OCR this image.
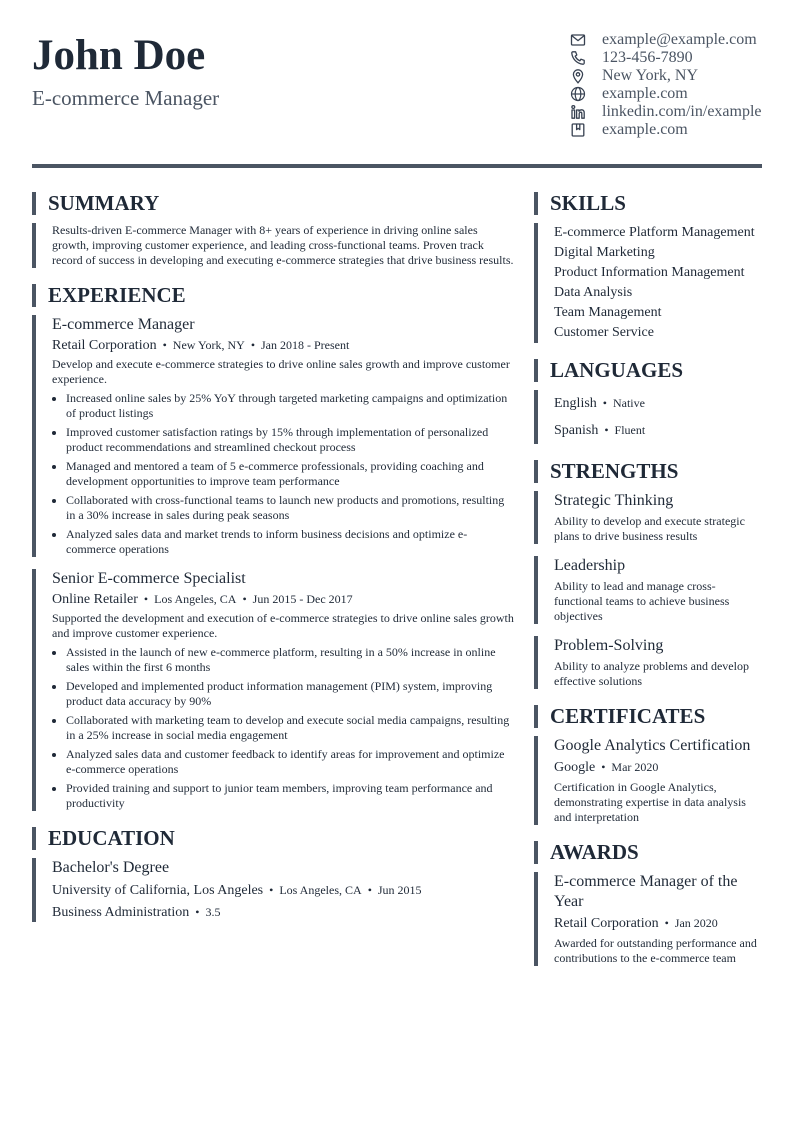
John Doe
E-commerce Manager
example@example.com
123-456-7890
New York, NY
example.com
linkedin.com/in/example
example.com
SUMMARY
Results-driven E-commerce Manager with 8+ years of experience in driving online sales growth, improving customer experience, and leading cross-functional teams. Proven track record of success in developing and executing e-commerce strategies that drive business results.
EXPERIENCE
E-commerce Manager
Retail Corporation • New York, NY • Jan 2018 - Present
Develop and execute e-commerce strategies to drive online sales growth and improve customer experience.
• Increased online sales by 25% YoY through targeted marketing campaigns and optimization of product listings
• Improved customer satisfaction ratings by 15% through implementation of personalized product recommendations and streamlined checkout process
• Managed and mentored a team of 5 e-commerce professionals, providing coaching and development opportunities to improve team performance
• Collaborated with cross-functional teams to launch new products and promotions, resulting in a 30% increase in sales during peak seasons
• Analyzed sales data and market trends to inform business decisions and optimize e-commerce operations
Senior E-commerce Specialist
Online Retailer • Los Angeles, CA • Jun 2015 - Dec 2017
Supported the development and execution of e-commerce strategies to drive online sales growth and improve customer experience.
• Assisted in the launch of new e-commerce platform, resulting in a 50% increase in online sales within the first 6 months
• Developed and implemented product information management (PIM) system, improving product data accuracy by 90%
• Collaborated with marketing team to develop and execute social media campaigns, resulting in a 25% increase in social media engagement
• Analyzed sales data and customer feedback to identify areas for improvement and optimize e-commerce operations
• Provided training and support to junior team members, improving team performance and productivity
EDUCATION
Bachelor's Degree
University of California, Los Angeles • Los Angeles, CA • Jun 2015
Business Administration • 3.5
SKILLS
E-commerce Platform Management
Digital Marketing
Product Information Management
Data Analysis
Team Management
Customer Service
LANGUAGES
English • Native
Spanish • Fluent
STRENGTHS
Strategic Thinking
Ability to develop and execute strategic plans to drive business results
Leadership
Ability to lead and manage cross-functional teams to achieve business objectives
Problem-Solving
Ability to analyze problems and develop effective solutions
CERTIFICATES
Google Analytics Certification
Google • Mar 2020
Certification in Google Analytics, demonstrating expertise in data analysis and interpretation
AWARDS
E-commerce Manager of the Year
Retail Corporation • Jan 2020
Awarded for outstanding performance and contributions to the e-commerce team
